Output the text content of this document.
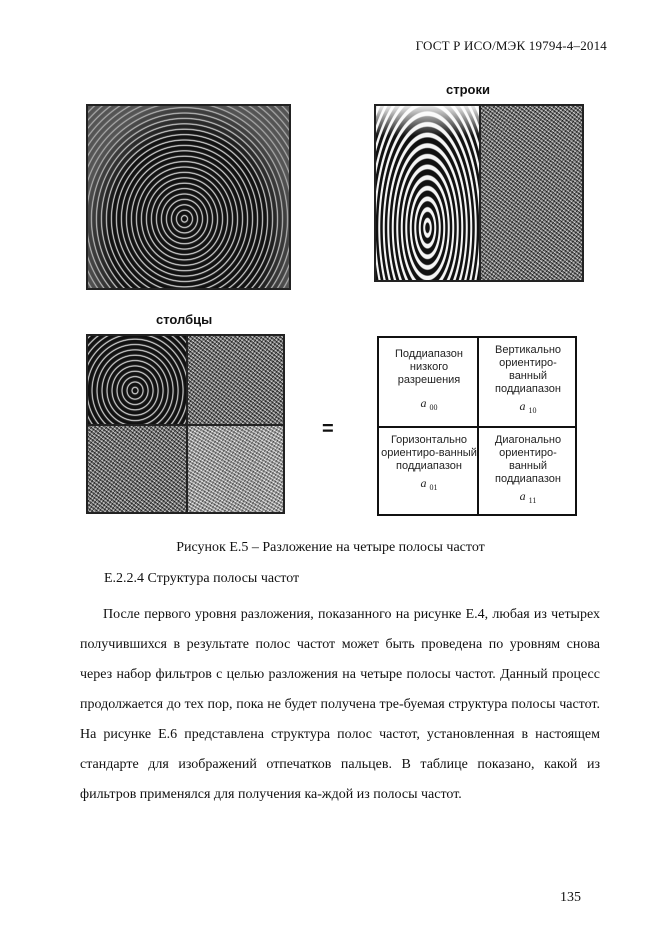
ГОСТ Р ИСО/МЭК 19794-4–2014
строки
столбцы
=
Поддиапазон низкого разрешения
a $_{00}$
Вертикально ориентиро-ванный поддиапазон
a $_{10}$
Горизонтально ориентиро-ванный поддиапазон
a $_{01}$
Диагонально ориентиро-ванный поддиапазон
a $_{11}$
Рисунок Е.5 – Разложение на четыре полосы частот
Е.2.2.4 Структура полосы частот

После первого уровня разложения, показанного на рисунке Е.4, любая из четырех получившихся в результате полос частот может быть проведена по уровням снова через набор фильтров с целью разложения на четыре полосы частот. Данный процесс продолжается до тех пор, пока не будет получена тре-буемая структура полосы частот. На рисунке Е.6 представлена структура полос частот, установленная в настоящем стандарте для изображений отпечатков пальцев. В таблице показано, какой из фильтров применялся для получения ка-ждой из полосы частот.

135
